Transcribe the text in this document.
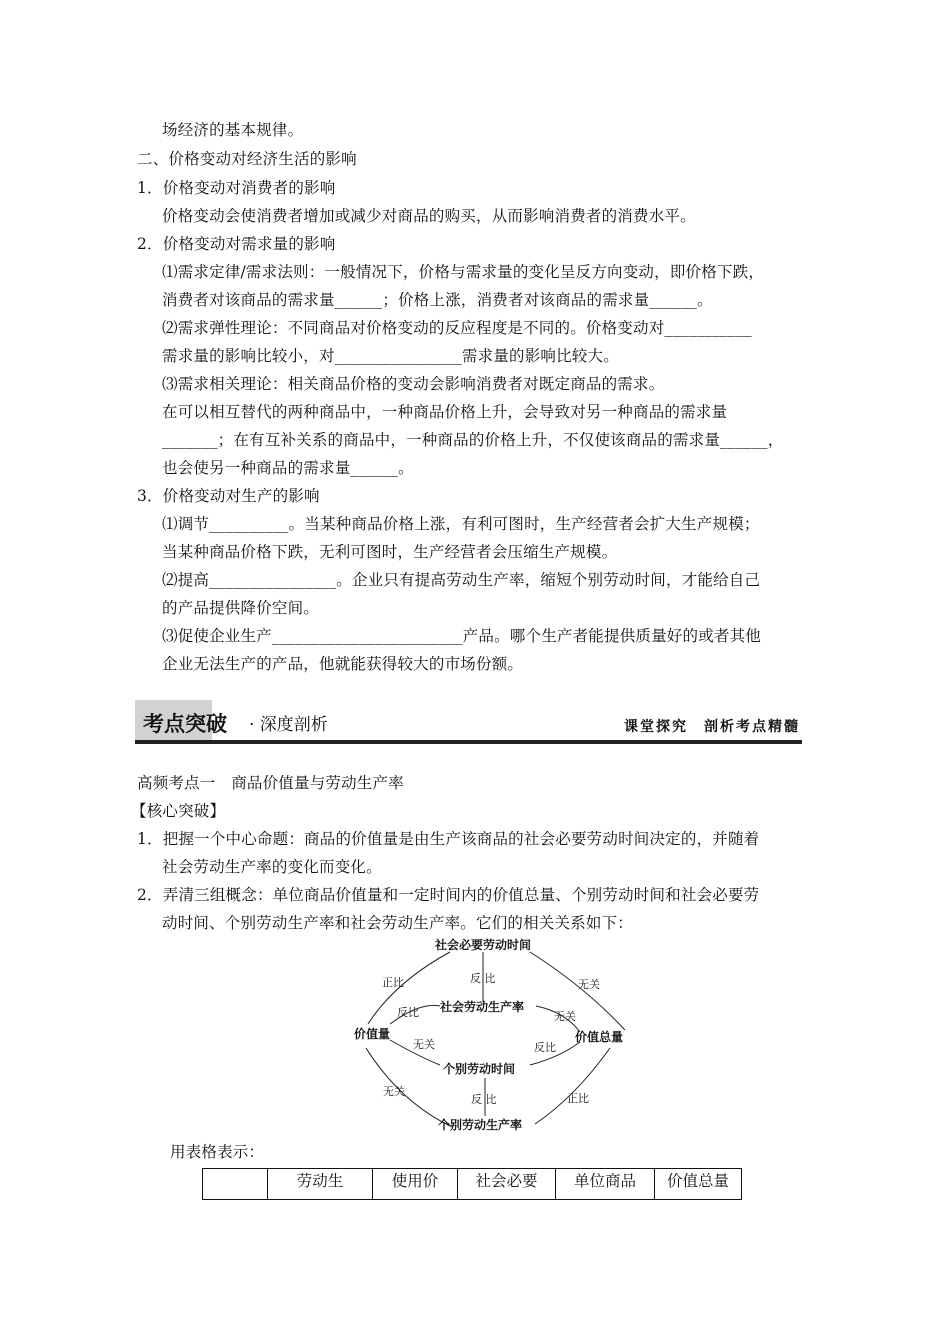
场经济的基本规律。
二、价格变动对经济生活的影响
1．价格变动对消费者的影响
价格变动会使消费者增加或减少对商品的购买，从而影响消费者的消费水平。
2．价格变动对需求量的影响
⑴需求定律/需求法则：一般情况下，价格与需求量的变化呈反方向变动，即价格下跌，
消费者对该商品的需求量______；价格上涨，消费者对该商品的需求量______。
⑵需求弹性理论：不同商品对价格变动的反应程度是不同的。价格变动对___________
需求量的影响比较小，对________________需求量的影响比较大。
⑶需求相关理论：相关商品价格的变动会影响消费者对既定商品的需求。
在可以相互替代的两种商品中，一种商品价格上升，会导致对另一种商品的需求量
_______；在有互补关系的商品中，一种商品的价格上升，不仅使该商品的需求量______，
也会使另一种商品的需求量______。
3．价格变动对生产的影响
⑴调节__________。当某种商品价格上涨，有利可图时，生产经营者会扩大生产规模；
当某种商品价格下跌，无利可图时，生产经营者会压缩生产规模。
⑵提高________________。企业只有提高劳动生产率，缩短个别劳动时间，才能给自己
的产品提供降价空间。
⑶促使企业生产________________________产品。哪个生产者能提供质量好的或者其他
企业无法生产的产品，他就能获得较大的市场份额。
考点突破 · 深度剖析	课堂探究　剖析考点精髓
高频考点一　商品价值量与劳动生产率
【核心突破】
1．把握一个中心命题：商品的价值量是由生产该商品的社会必要劳动时间决定的，并随着
社会劳动生产率的变化而变化。
2．弄清三组概念：单位商品价值量和一定时间内的价值总量、个别劳动时间和社会必要劳
动时间、个别劳动生产率和社会劳动生产率。它们的相关关系如下：
社会必要劳动时间
社会劳动生产率
价值量	价值总量
个别劳动时间
个别劳动生产率
正比	无关
反 比
反比	无关
无关	反比
无关
反 比	正比
用表格表示：
	劳动生	使用价	社会必要	单位商品	价值总量
